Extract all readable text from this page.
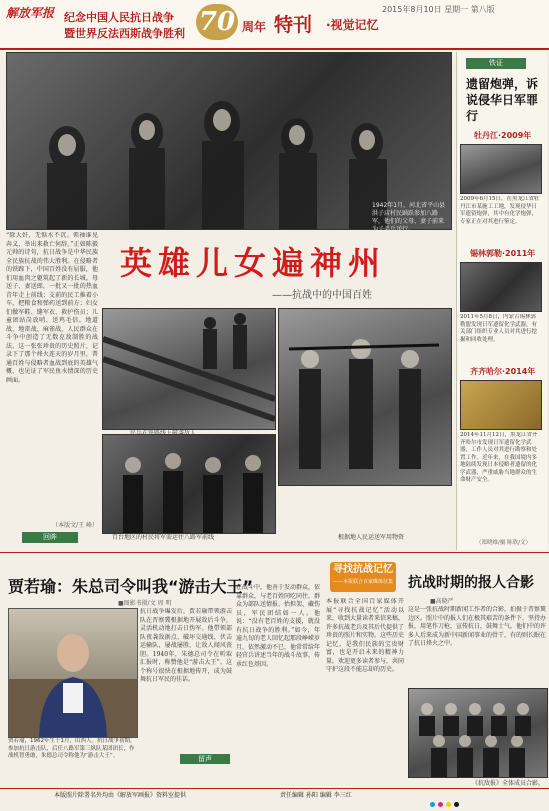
解放军报 纪念中国人民抗日战争
暨世界反法西斯战争胜利 70 周年 特刊 ·视觉记忆
2015年8月10日 星期一 第八版
1942年1月，河北省平山县洪子店村民踊跃参加八路军，他们的父母、妻子前来为子弟兵送行。
“除大奸，无惧水不沉。领袖谁见奔义，举出来救亡何辞。”正如陈毅元帅的诗句，抗日战争是中华民族全民族抗战的伟大胜利。在侵略者的铁蹄下，中国百姓没有屈服，他们用血肉之躯筑起了新的长城。母送子、妻送郎，一批又一批的热血青年走上前线；支前的民工推着小车，把粮食和弹药送到前方；妇女们做军鞋、缝军衣、救护伤员；儿童团站岗放哨、送鸡毛信。地道战、地雷战、麻雀战，人民群众在斗争中创造了无数克敌制胜的战法。这一张张珍贵的历史照片，记录下了那个烽火连天的岁月里，普通百姓与侵略者血战到底的英雄气概，也见证了军民鱼水情深的历史画面。
（本版文/王 峰）
回眸
英雄儿女遍神州
——抗战中的中国百姓
百台地区的村民将军需运往八路军前线	根据地人民运送军用物资
铁证
遗留炮弹，诉说侵华日军罪行
牡丹江·2009年
2009年6月15日，在黑龙江省牡丹江市某施工工地，发现侵华日军遗留炮弹，其中有化学炮弹，专家正在对其进行鉴定。
锡林郭勒·2011年
2011年5月8日，内蒙古锡林郭勒盟发现日军遗留化学武器，有关部门组织专业人员对其进行挖掘和回收处理。
齐齐哈尔·2014年
2014年11月12日，黑龙江省齐齐哈尔市发现日军遗留化学武器，工作人员对其进行勘察和处置工作。近年来，在我国境内多地陆续发现日本侵略者遗留的化学武器，严重威胁当地群众的生命财产安全。
（郑晓维/摄 陈欣/文）
贾若瑜：朱总司令叫我“游击大王”
■图影书摄/文 周 明
贾若瑜，1962年生于1月，山西人。抗日战争初期，参加抗日游击队，后任八路军第三纵队某团团长，作战机智勇敢，朱德总司令称他为“游击大王”。
抗日战争爆发后，贾若瑜带领游击队在晋察冀根据地开展敌后斗争，灵活机动地打击日伪军。他带领部队夜袭敌据点、破坏交通线、伏击运输队，屡战屡胜，让敌人闻风丧胆。1940年，朱德总司令在听取汇报时，称赞他是“游击大王”。这个称号很快在根据地传开，成为鼓舞抗日军民的佳话。
在战斗中，他善于发动群众，依靠群众，与老百姓同吃同住。群众为部队送情报、抬担架、藏伤员，军民团结如一人。他说：“没有老百姓的支援，就没有抗日战争的胜利。”如今，年逾九旬的老人回忆起那段峥嵘岁月，依然激动不已，他常常给年轻官兵讲述当年的战斗故事，传承红色基因。
留声
寻找抗战记忆
——本报联合百家媒体征集
本报联合全国百家媒体开展“寻找抗战记忆”活动以来，收到大量读者来信来稿，许多抗战老兵及其后代提供了珍贵的照片和实物。这些历史记忆，是我们民族的宝贵财富，也是开启未来的精神力量。欢迎更多读者参与，共同守护这段不能忘却的历史。
抗战时期的报人合影
■高晓严
这是一张抗战时期新闻工作者的合影，拍摄于晋察冀边区。照片中的报人们在极其艰苦的条件下，坚持办报，用笔作刀枪，宣传抗日，鼓舞士气。他们中的许多人后来成为新中国新闻事业的骨干，有的则长眠在了抗日烽火之中。
《抗敌报》全体成员合影。
本版照片除署名外均由《解放军画报》资料室提供	责任编辑 孙阳 编辑 李三红
